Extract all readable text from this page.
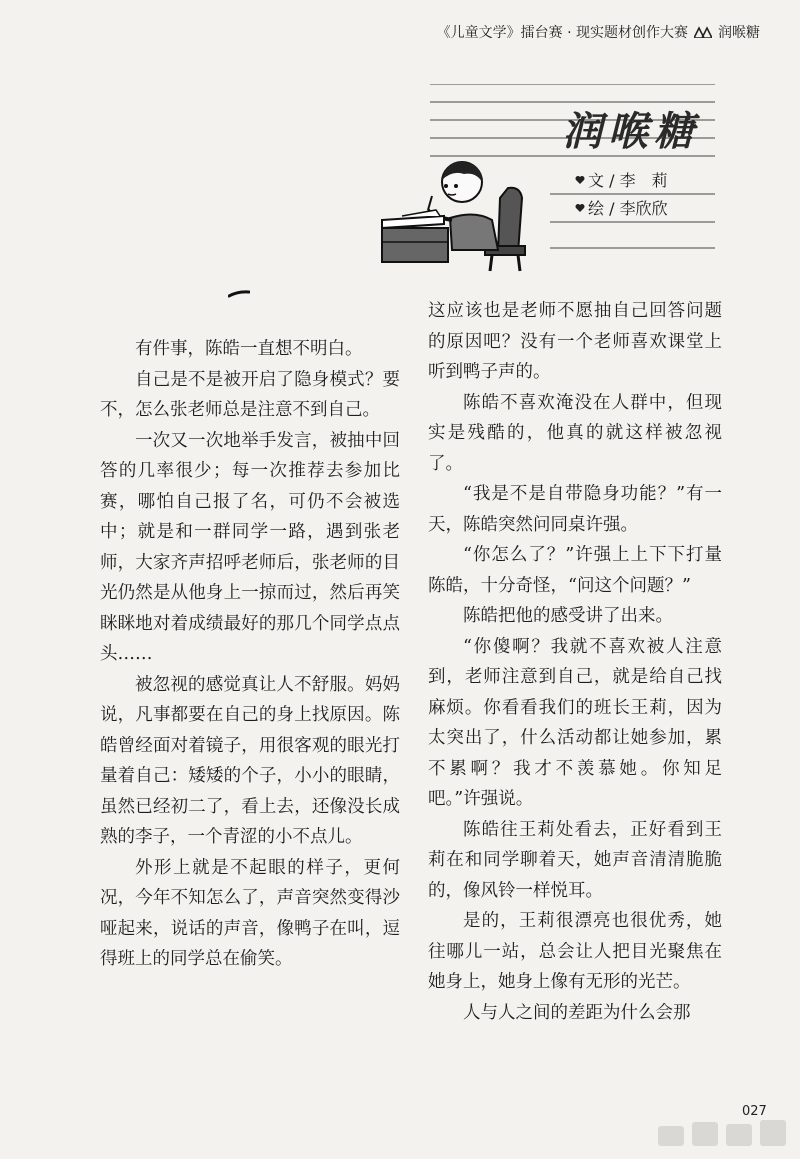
《儿童文学》擂台赛 · 现实题材创作大赛 润喉糖
润喉糖
文 / 李　莉
绘 / 李欣欣

有件事，陈皓一直想不明白。

自己是不是被开启了隐身模式？要不，怎么张老师总是注意不到自己。

一次又一次地举手发言，被抽中回答的几率很少；每一次推荐去参加比赛，哪怕自己报了名，可仍不会被选中；就是和一群同学一路，遇到张老师，大家齐声招呼老师后，张老师的目光仍然是从他身上一掠而过，然后再笑眯眯地对着成绩最好的那几个同学点点头……

被忽视的感觉真让人不舒服。妈妈说，凡事都要在自己的身上找原因。陈皓曾经面对着镜子，用很客观的眼光打量着自己：矮矮的个子，小小的眼睛，虽然已经初二了，看上去，还像没长成熟的李子，一个青涩的小不点儿。

外形上就是不起眼的样子，更何况，今年不知怎么了，声音突然变得沙哑起来，说话的声音，像鸭子在叫，逗得班上的同学总在偷笑。

这应该也是老师不愿抽自己回答问题的原因吧？没有一个老师喜欢课堂上听到鸭子声的。

陈皓不喜欢淹没在人群中，但现实是残酷的，他真的就这样被忽视了。

“我是不是自带隐身功能？”有一天，陈皓突然问同桌许强。

“你怎么了？”许强上上下下打量陈皓，十分奇怪，“问这个问题？”

陈皓把他的感受讲了出来。

“你傻啊？我就不喜欢被人注意到，老师注意到自己，就是给自己找麻烦。你看看我们的班长王莉，因为太突出了，什么活动都让她参加，累不累啊？我才不羡慕她。你知足吧。”许强说。

陈皓往王莉处看去，正好看到王莉在和同学聊着天，她声音清清脆脆的，像风铃一样悦耳。

是的，王莉很漂亮也很优秀，她往哪儿一站，总会让人把目光聚焦在她身上，她身上像有无形的光芒。

人与人之间的差距为什么会那

027
